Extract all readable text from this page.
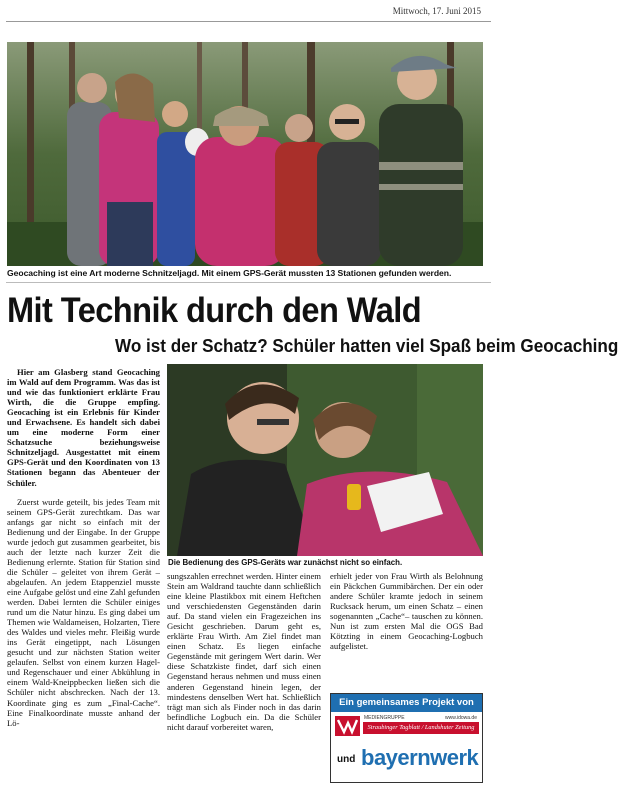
Mittwoch, 17. Juni 2015
Geocaching ist eine Art moderne Schnitzeljagd. Mit einem GPS-Gerät mussten 13 Stationen gefunden werden.
Mit Technik durch den Wald
Wo ist der Schatz? Schüler hatten viel Spaß beim Geocaching

Hier am Glasberg stand Geocaching im Wald auf dem Programm. Was das ist und wie das funktioniert erklärte Frau Wirth, die die Gruppe empfing. Geocaching ist ein Erlebnis für Kinder und Erwachsene. Es handelt sich dabei um eine moderne Form einer Schatzsuche beziehungsweise Schnitzeljagd. Ausgestattet mit einem GPS-Gerät und den Koordinaten von 13 Stationen begann das Abenteuer der Schüler.

Zuerst wurde geteilt, bis jedes Team mit seinem GPS-Gerät zurechtkam. Das war anfangs gar nicht so einfach mit der Bedienung und der Eingabe. In der Gruppe wurde jedoch gut zusammen gearbeitet, bis auch der letzte nach kurzer Zeit die Bedienung erlernte. Station für Station sind die Schüler – geleitet von ihrem Gerät – abgelaufen. An jedem Etappenziel musste eine Aufgabe gelöst und eine Zahl gefunden werden. Dabei lernten die Schüler einiges rund um die Natur hinzu. Es ging dabei um Themen wie Waldameisen, Holzarten, Tiere des Waldes und vieles mehr. Fleißig wurde ins Gerät eingetippt, nach Lösungen gesucht und zur nächsten Station weiter gelaufen. Selbst von einem kurzen Hagel- und Regenschauer und einer Abkühlung in einem Wald-Kneippbecken ließen sich die Schüler nicht abschrecken. Nach der 13. Koordinate ging es zum „Final-Cache“. Eine Finalkoordinate musste anhand der Lö-

Die Bedienung des GPS-Geräts war zunächst nicht so einfach.

sungszahlen errechnet werden. Hinter einem Stein am Waldrand tauchte dann schließlich eine kleine Plastikbox mit einem Heftchen und verschiedensten Gegenständen darin auf. Da stand vielen ein Fragezeichen ins Gesicht geschrieben. Darum geht es, erklärte Frau Wirth. Am Ziel findet man einen Schatz. Es liegen einfache Gegenstände mit geringem Wert darin. Wer diese Schatzkiste findet, darf sich einen Gegenstand heraus nehmen und muss einen anderen Gegenstand hinein legen, der mindestens denselben Wert hat. Schließlich trägt man sich als Finder noch in das darin befindliche Logbuch ein. Da die Schüler nicht darauf vorbereitet waren,

erhielt jeder von Frau Wirth als Belohnung ein Päckchen Gummibärchen. Der ein oder andere Schüler kramte jedoch in seinem Rucksack herum, um einen Schatz – einen sogenannten „Cache“– tauschen zu können. Nun ist zum ersten Mal die OGS Bad Kötzting in einem Geocaching-Logbuch aufgelistet.

Ein gemeinsames Projekt von
MEDIENGRUPPE	www.idowa.de
Straubinger Tagblatt / Landshuter Zeitung
und bayernwerk
